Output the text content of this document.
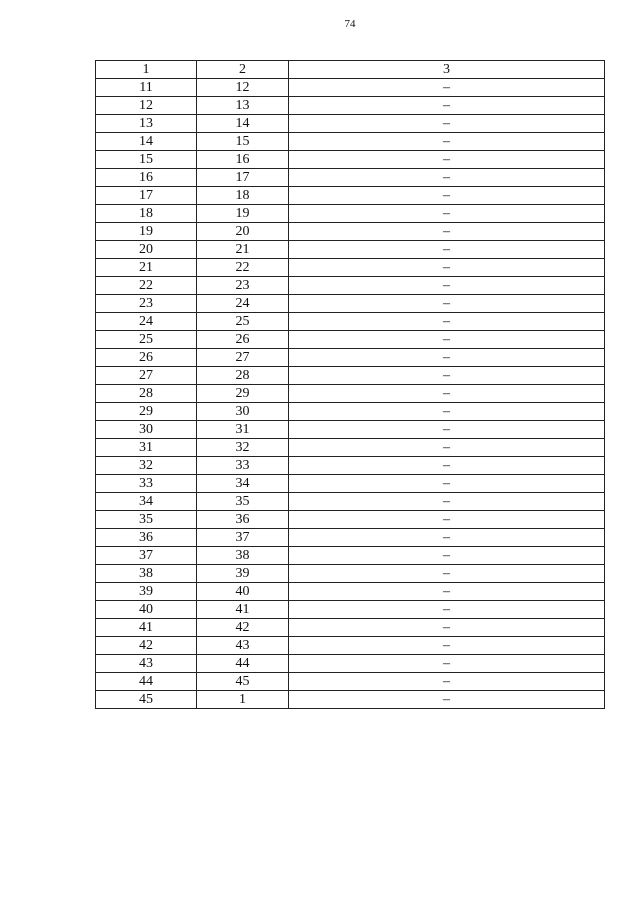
74
1	2	3
11	12	–
12	13	–
13	14	–
14	15	–
15	16	–
16	17	–
17	18	–
18	19	–
19	20	–
20	21	–
21	22	–
22	23	–
23	24	–
24	25	–
25	26	–
26	27	–
27	28	–
28	29	–
29	30	–
30	31	–
31	32	–
32	33	–
33	34	–
34	35	–
35	36	–
36	37	–
37	38	–
38	39	–
39	40	–
40	41	–
41	42	–
42	43	–
43	44	–
44	45	–
45	1	–
